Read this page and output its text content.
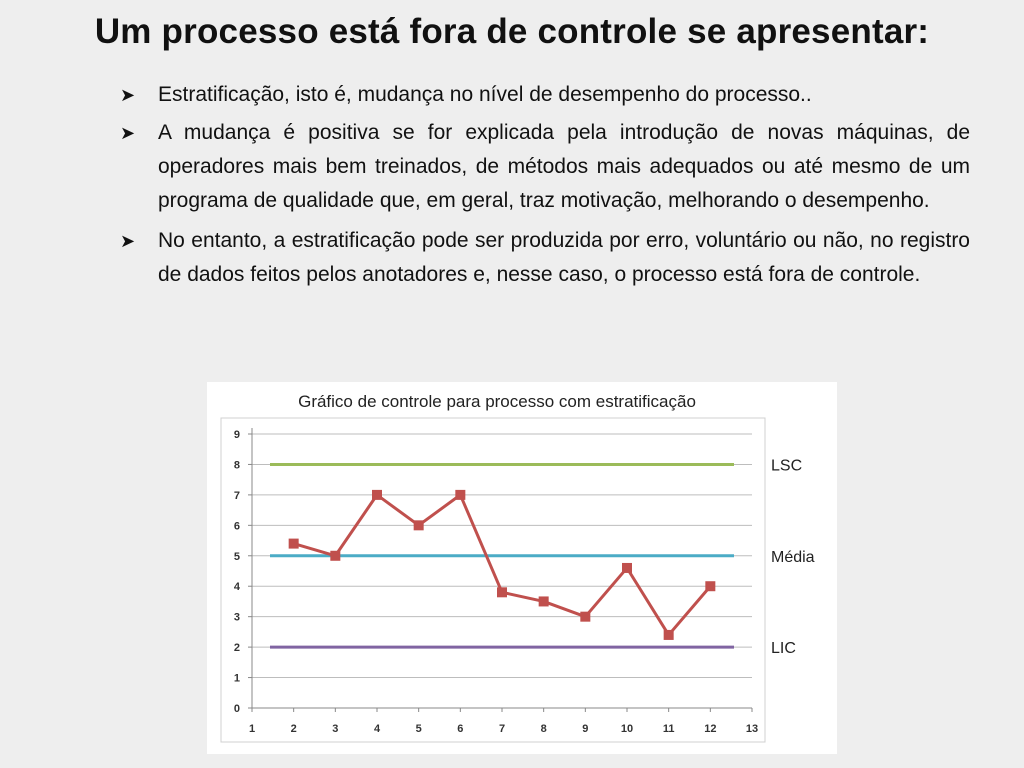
Um processo está fora de controle se apresentar:
➤ Estratificação, isto é, mudança no nível de desempenho do processo..
➤ A mudança é positiva se for explicada pela introdução de novas máquinas, de operadores mais bem treinados, de métodos mais adequados ou até mesmo de um programa de qualidade que, em geral, traz motivação, melhorando o desempenho.
➤ No entanto, a estratificação pode ser produzida por erro, voluntário ou não, no registro de dados feitos pelos anotadores e, nesse caso, o processo está fora de controle.
Gráfico de controle para processo com estratificação
0
1
2
3
4
5
6
7
8
9
1	2	3	4	5	6	7	8	9	10	11	12	13
LSC
Média
LIC
